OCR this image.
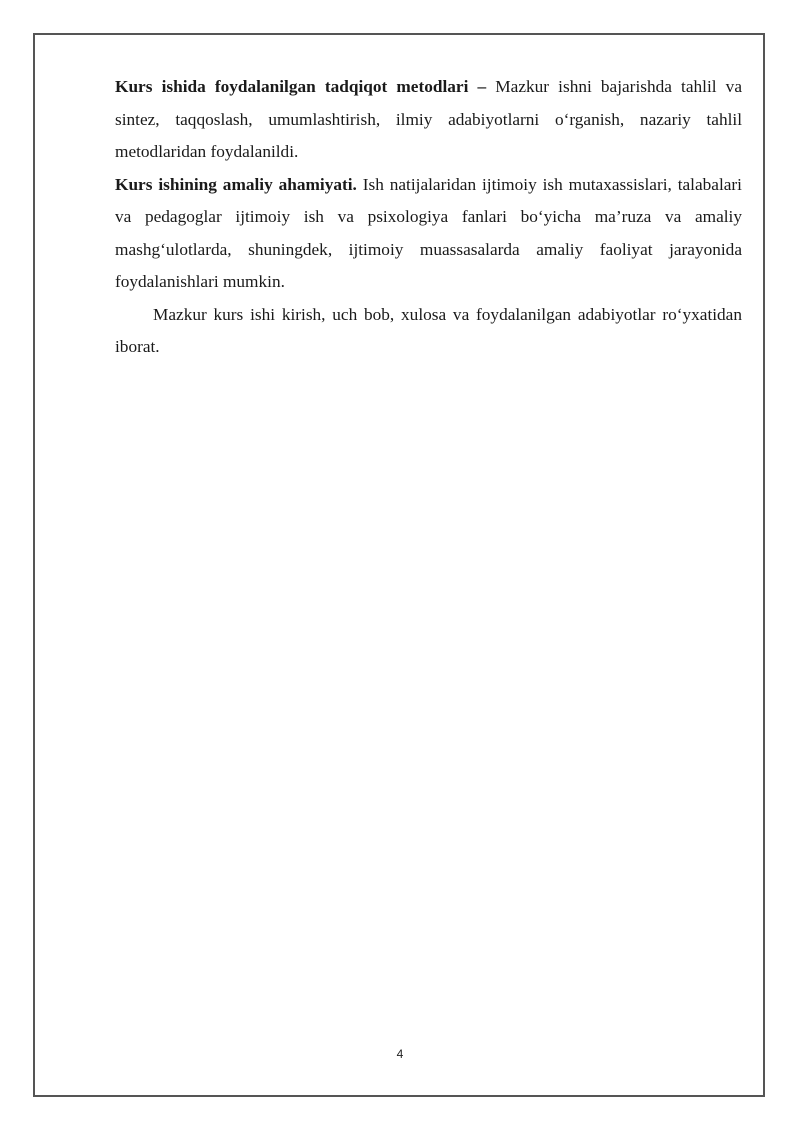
Kurs ishida foydalanilgan tadqiqot metodlari – Mazkur ishni bajarishda tahlil va sintez, taqqoslash, umumlashtirish, ilmiy adabiyotlarni o‘rganish, nazariy tahlil metodlaridan foydalanildi.

Kurs ishining amaliy ahamiyati. Ish natijalaridan ijtimoiy ish mutaxassislari, talabalari va pedagoglar ijtimoiy ish va psixologiya fanlari bo‘yicha ma’ruza va amaliy mashg‘ulotlarda, shuningdek, ijtimoiy muassasalarda amaliy faoliyat jarayonida foydalanishlari mumkin.

Mazkur kurs ishi kirish, uch bob, xulosa va foydalanilgan adabiyotlar ro‘yxatidan iborat.

4
